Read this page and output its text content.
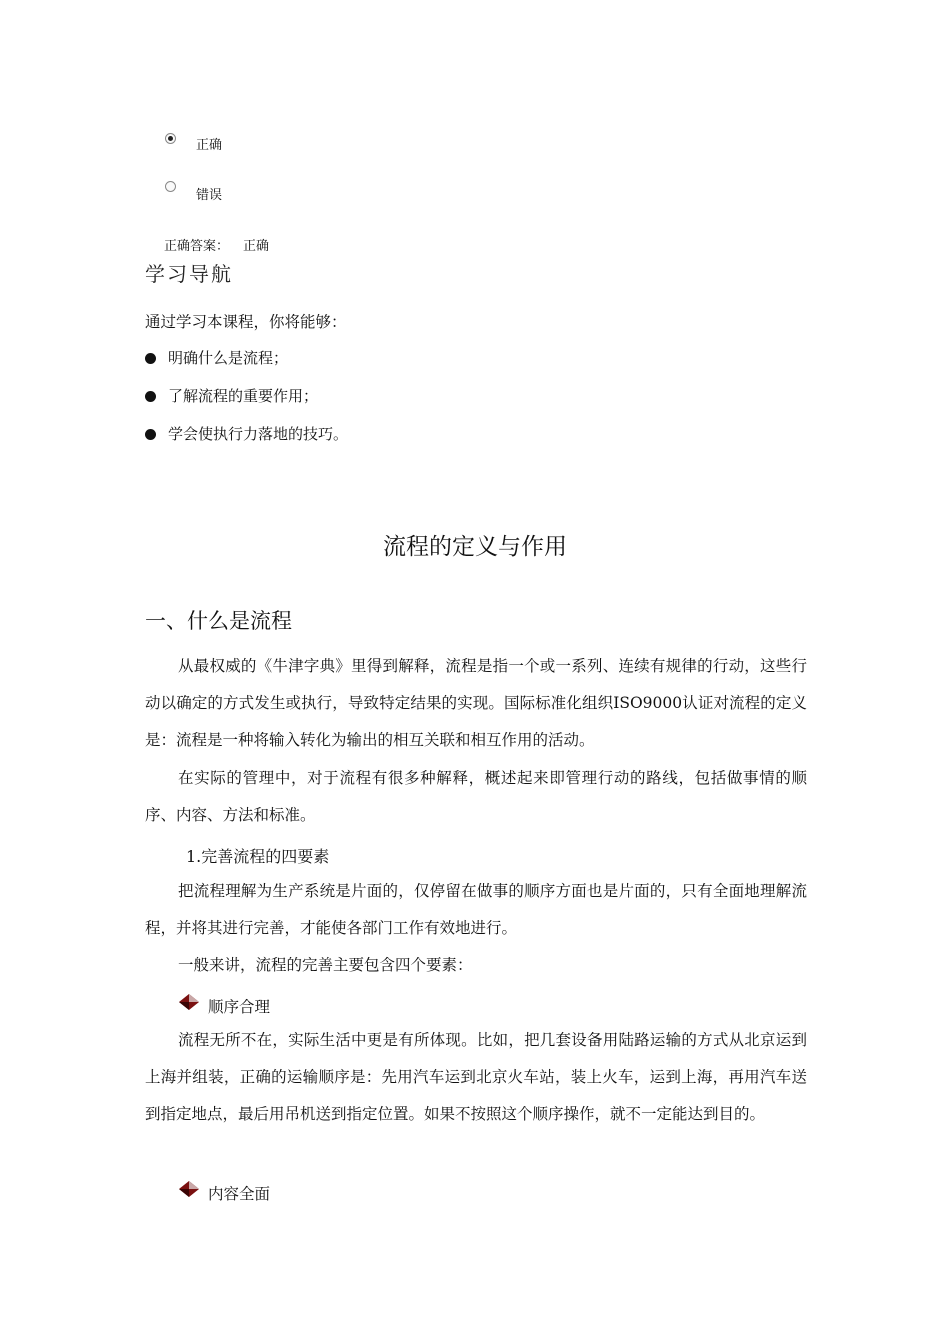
正确
错误
正确答案： 正确
学习导航
通过学习本课程，你将能够：
明确什么是流程；
了解流程的重要作用；
学会使执行力落地的技巧。
流程的定义与作用
一、什么是流程
从最权威的《牛津字典》里得到解释，流程是指一个或一系列、连续有规律的行动，这些行动以确定的方式发生或执行，导致特定结果的实现。国际标准化组织ISO9000认证对流程的定义是：流程是一种将输入转化为输出的相互关联和相互作用的活动。
在实际的管理中，对于流程有很多种解释，概述起来即管理行动的路线，包括做事情的顺序、内容、方法和标准。
1.完善流程的四要素
把流程理解为生产系统是片面的，仅停留在做事的顺序方面也是片面的，只有全面地理解流程，并将其进行完善，才能使各部门工作有效地进行。
一般来讲，流程的完善主要包含四个要素：
顺序合理
流程无所不在，实际生活中更是有所体现。比如，把几套设备用陆路运输的方式从北京运到上海并组装，正确的运输顺序是：先用汽车运到北京火车站，装上火车，运到上海，再用汽车送到指定地点，最后用吊机送到指定位置。如果不按照这个顺序操作，就不一定能达到目的。
内容全面
